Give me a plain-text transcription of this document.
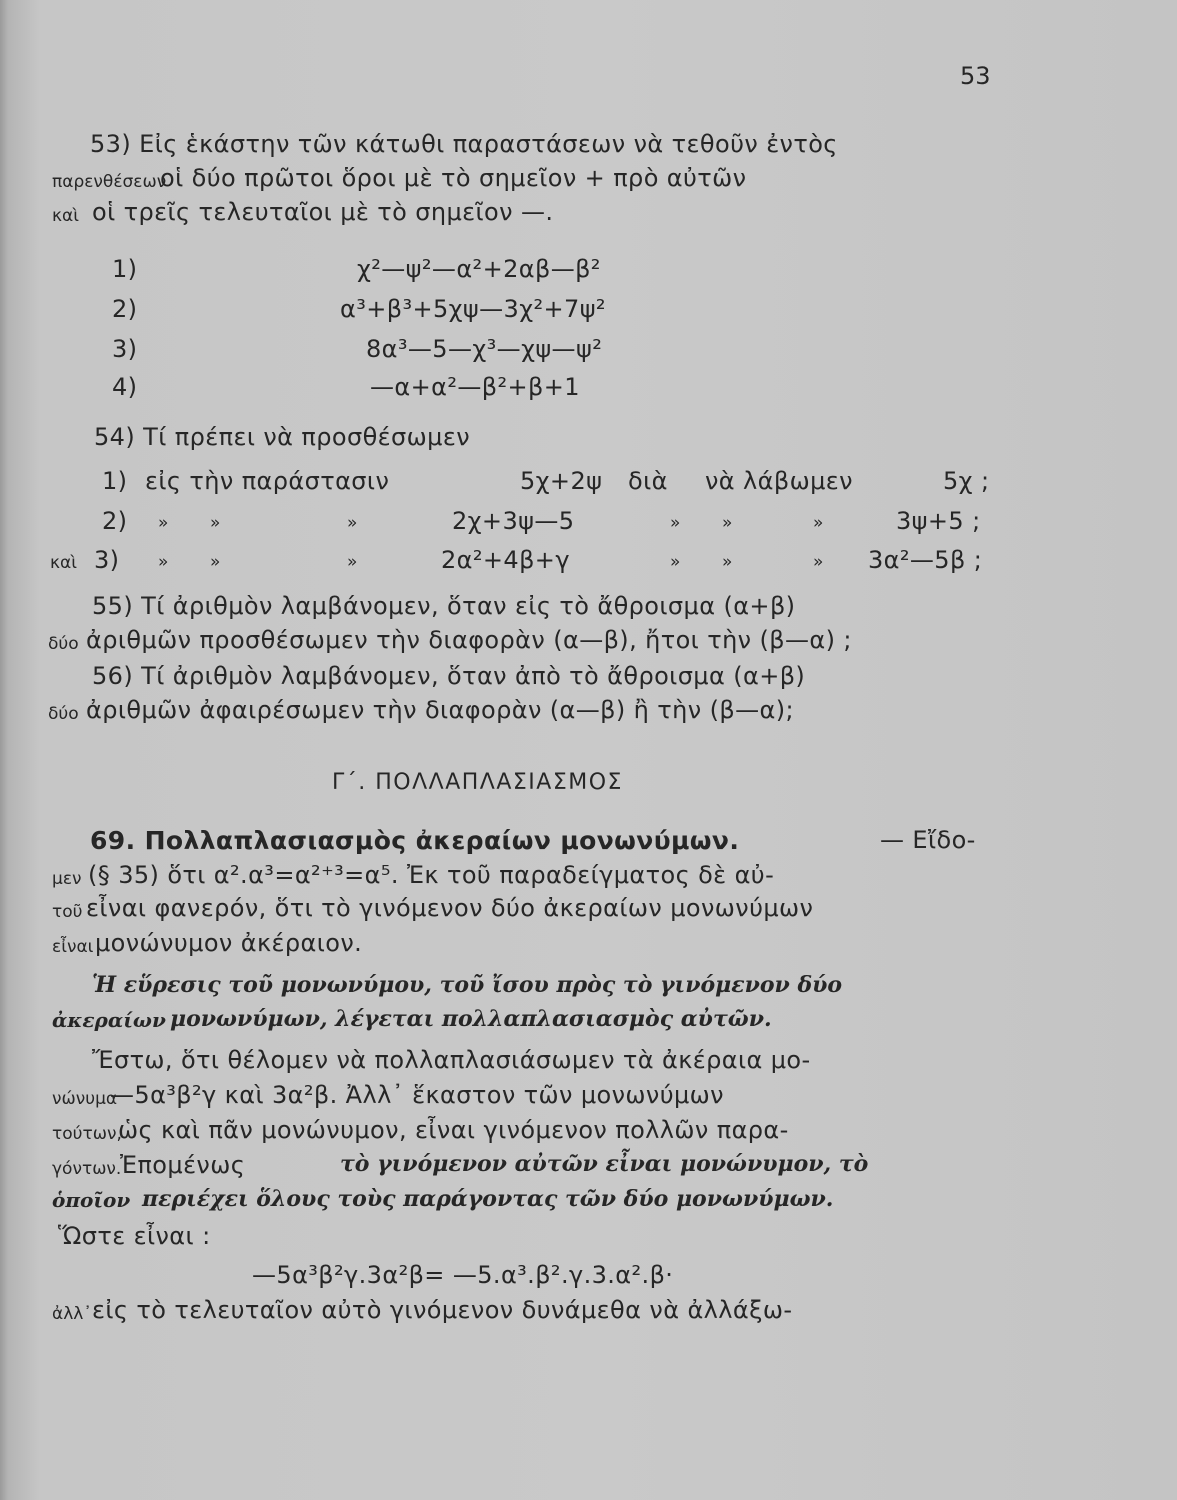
53
53) Εἰς ἑκάστην τῶν κάτωθι παραστάσεων νὰ τεθοῦν ἐντὸς
παρενθέσεων
οἱ δύο πρῶτοι ὅροι μὲ τὸ σημεῖον + πρὸ αὐτῶν
καὶ οἱ τρεῖς τελευταῖοι μὲ τὸ σημεῖον —.
1)	χ²—ψ²—α²+2αβ—β²
2)	α³+β³+5χψ—3χ²+7ψ²
3)	8α³—5—χ³—χψ—ψ²
4)	—α+α²—β²+β+1
54) Τί πρέπει νὰ προσθέσωμεν
1) εἰς τὴν παράστασιν	5χ+2ψ διὰ νὰ λάβωμεν	5χ ;
2) » »	»	2χ+3ψ—5	» »	»	3ψ+5 ;
καὶ 3) » »	»	2α²+4β+γ	» »	» 3α²—5β ;
55) Τί ἀριθμὸν λαμβάνομεν, ὅταν εἰς τὸ ἄθροισμα (α+β)
δύο ἀριθμῶν προσθέσωμεν τὴν διαφορὰν (α—β), ἤτοι τὴν (β—α) ;
56) Τί ἀριθμὸν λαμβάνομεν, ὅταν ἀπὸ τὸ ἄθροισμα (α+β)
δύο ἀριθμῶν ἀφαιρέσωμεν τὴν διαφορὰν (α—β) ἢ τὴν (β—α);
Γ΄. ΠΟΛΛΑΠΛΑΣΙΑΣΜΟΣ
69. Πολλαπλασιασμὸς ἀκεραίων μονωνύμων.	— Εἴδο-
μεν (§ 35) ὅτι α².α³=α²⁺³=α⁵. Ἐκ τοῦ παραδείγματος δὲ αὐ-
τοῦ εἶναι φανερόν, ὅτι τὸ γινόμενον δύο ἀκεραίων μονωνύμων
εἶναι μονώνυμον ἀκέραιον.
Ἡ εὕρεσις τοῦ μονωνύμου, τοῦ ἴσου πρὸς τὸ γινόμενον δύο
ἀκεραίων μονωνύμων, λέγεται πολλαπλασιασμὸς αὐτῶν.
Ἔστω, ὅτι θέλομεν νὰ πολλαπλασιάσωμεν τὰ ἀκέραια μο-
νώνυμα
—5α³β²γ καὶ 3α²β. Ἀλλ᾿ ἕκαστον τῶν μονωνύμων
τούτων,
ὡς καὶ πᾶν μονώνυμον, εἶναι γινόμενον πολλῶν παρα-
γόντων.
Ἐπομένως	τὸ γινόμενον αὐτῶν εἶναι μονώνυμον, τὸ
ὁποῖον περιέχει ὅλους τοὺς παράγοντας τῶν δύο μονωνύμων.
Ὥστε εἶναι :
—5α³β²γ.3α²β= —5.α³.β².γ.3.α².β·
ἀλλ᾿ εἰς τὸ τελευταῖον αὐτὸ γινόμενον δυνάμεθα νὰ ἀλλάξω-
